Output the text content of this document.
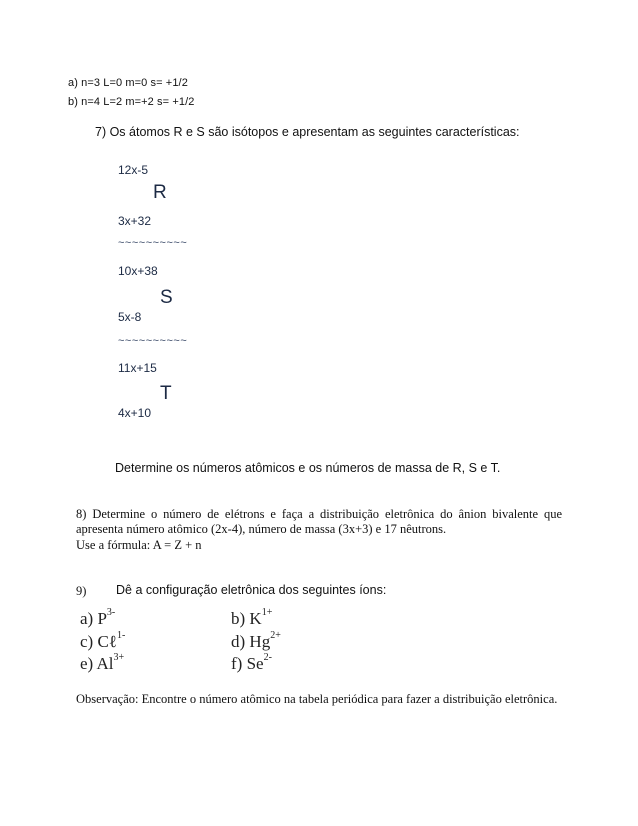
a) n=3 L=0 m=0 s= +1/2
b) n=4 L=2 m=+2 s= +1/2
7) Os átomos R e S são isótopos e apresentam as seguintes características:
12x-5
R
3x+32
~~~~~~~~~~
10x+38
S
5x-8
~~~~~~~~~~
11x+15
T
4x+10
Determine os números atômicos e os números de massa de R, S e T.
8) Determine o número de elétrons e faça a distribuição eletrônica do ânion bivalente que apresenta número atômico (2x-4), número de massa (3x+3) e 17 nêutrons.
Use a fórmula: A = Z + n
9) Dê a configuração eletrônica dos seguintes íons:
a) $P^{3-}$	b) $K^{1+}$
c) Cℓ$^{1-}$	d) $Hg^{2+}$
e) $Al^{3+}$	f) $Se^{2-}$
Observação: Encontre o número atômico na tabela periódica para fazer a distribuição eletrônica.
